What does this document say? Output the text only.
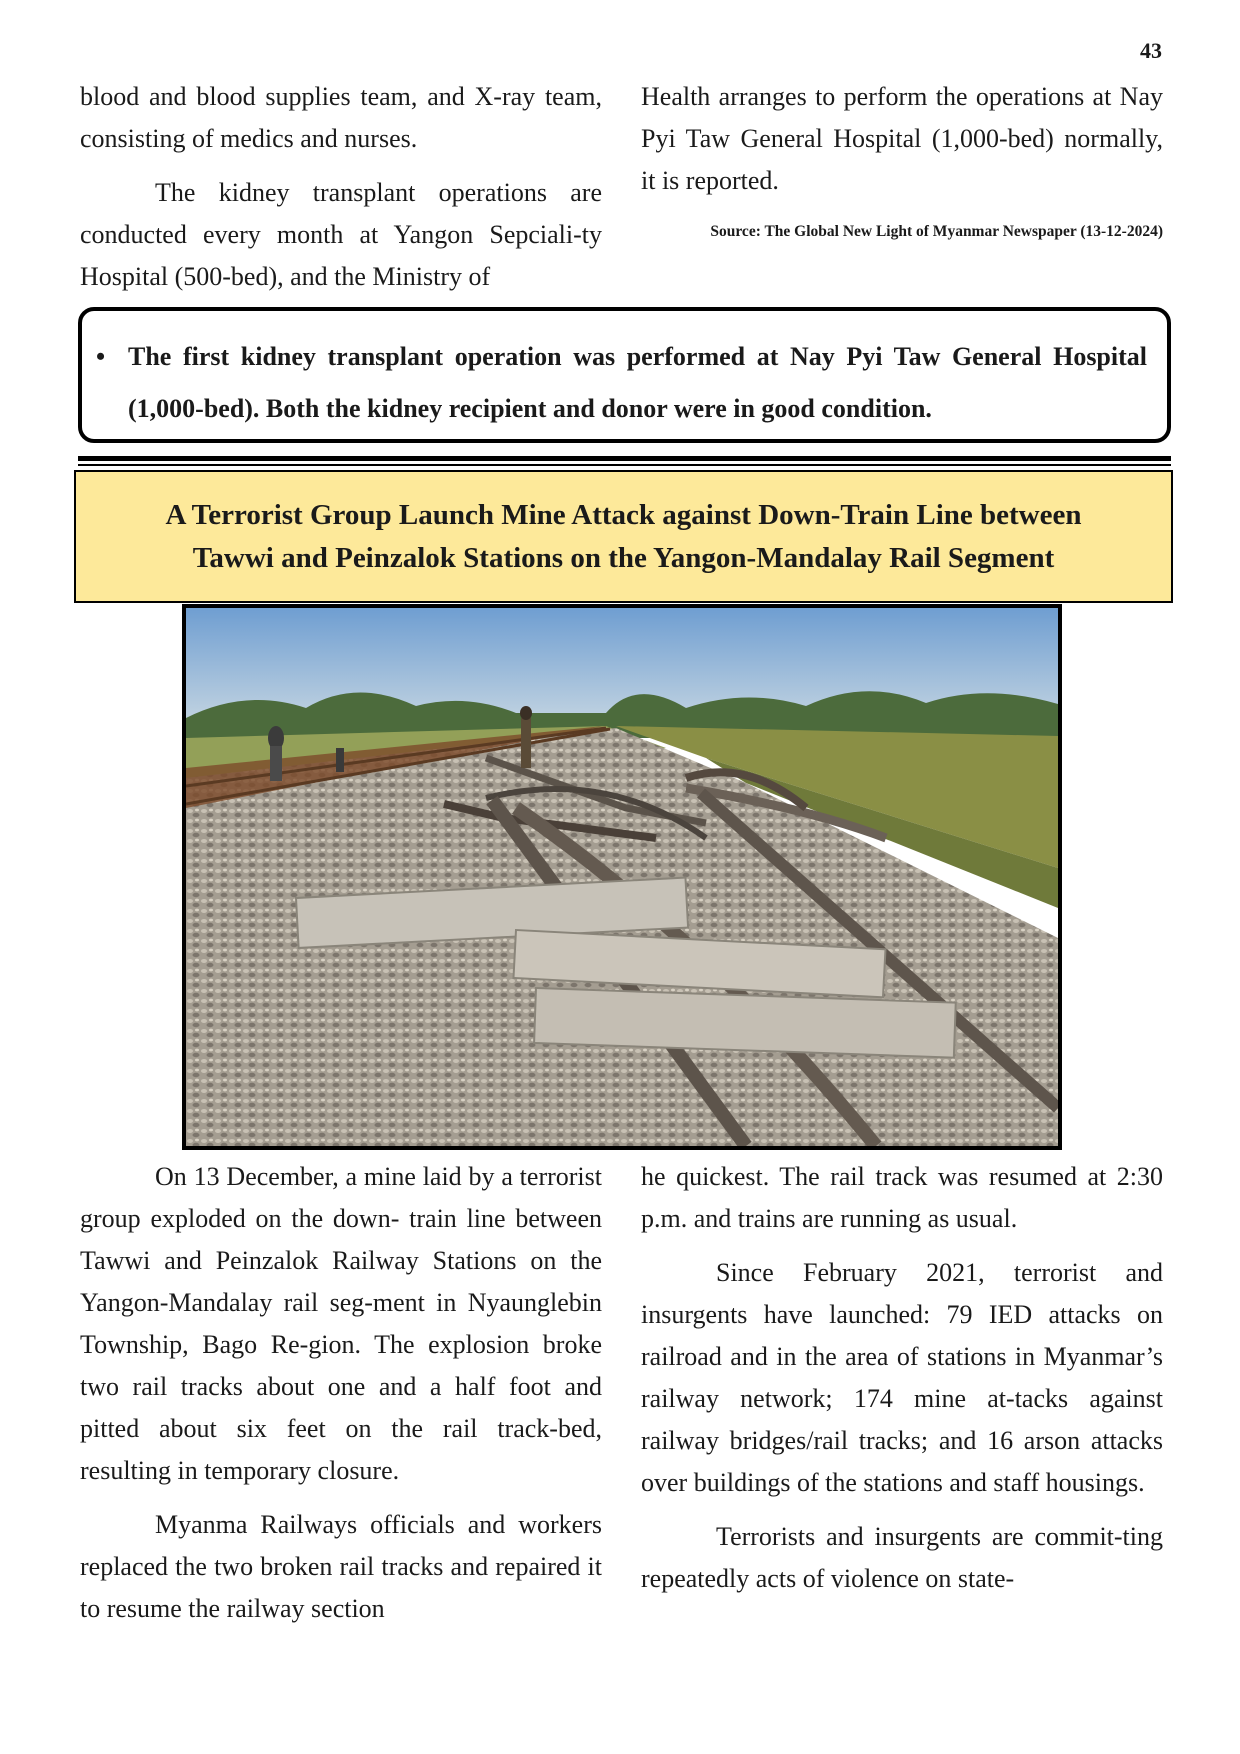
43

blood and blood supplies team, and X-ray team, consisting of medics and nurses.

The kidney transplant operations are conducted every month at Yangon Sepciali-ty Hospital (500-bed), and the Ministry of

Health arranges to perform the operations at Nay Pyi Taw General Hospital (1,000-bed) normally, it is reported.

Source: The Global New Light of Myanmar Newspaper (13-12-2024)

• The first kidney transplant operation was performed at Nay Pyi Taw General Hospital (1,000-bed). Both the kidney recipient and donor were in good condition.
A Terrorist Group Launch Mine Attack against Down-Train Line between
Tawwi and Peinzalok Stations on the Yangon-Mandalay Rail Segment

On 13 December, a mine laid by a terrorist group exploded on the down- train line between Tawwi and Peinzalok Railway Stations on the Yangon-Mandalay rail seg-ment in Nyaunglebin Township, Bago Re-gion. The explosion broke two rail tracks about one and a half foot and pitted about six feet on the rail track-bed, resulting in temporary closure.

Myanma Railways officials and workers replaced the two broken rail tracks and repaired it to resume the railway section

he quickest. The rail track was resumed at 2:30 p.m. and trains are running as usual.

Since February 2021, terrorist and insurgents have launched: 79 IED attacks on railroad and in the area of stations in Myanmar’s railway network; 174 mine at-tacks against railway bridges/rail tracks; and 16 arson attacks over buildings of the stations and staff housings.

Terrorists and insurgents are commit-ting repeatedly acts of violence on state-
